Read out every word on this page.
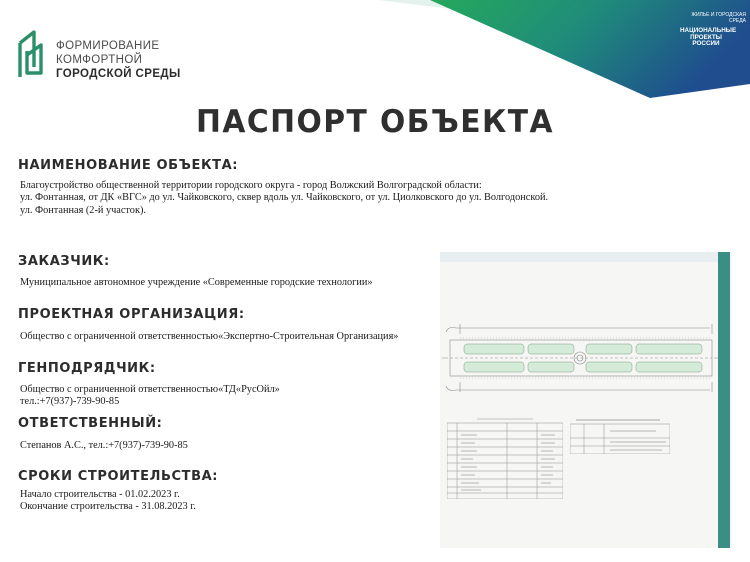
ФОРМИРОВАНИЕ
КОМФОРТНОЙ
ГОРОДСКОЙ СРЕДЫ
ЖИЛЬЕ И ГОРОДСКАЯ СРЕДА
НАЦИОНАЛЬНЫЕ
ПРОЕКТЫ
РОССИИ
ПАСПОРТ ОБЪЕКТА
НАИМЕНОВАНИЕ ОБЪЕКТА:
Благоустройство общественной территории городского округа - город Волжский Волгоградской области:
ул. Фонтанная, от ДК «ВГС» до ул. Чайковского, сквер вдоль ул. Чайковского, от ул. Циолковского до ул. Волгодонской.
ул. Фонтанная (2-й участок).
ЗАКАЗЧИК:
Муниципальное автономное учреждение «Современные городские технологии»
ПРОЕКТНАЯ ОРГАНИЗАЦИЯ:
Общество с ограниченной ответственностью«Экспертно-Строительная Организация»
ГЕНПОДРЯДЧИК:
Общество с ограниченной ответственностью«ТД«РусОйл»
тел.:+7(937)-739-90-85
ОТВЕТСТВЕННЫЙ:
Степанов А.С., тел.:+7(937)-739-90-85
СРОКИ СТРОИТЕЛЬСТВА:
Начало строительства - 01.02.2023 г.
Окончание строительства - 31.08.2023 г.
